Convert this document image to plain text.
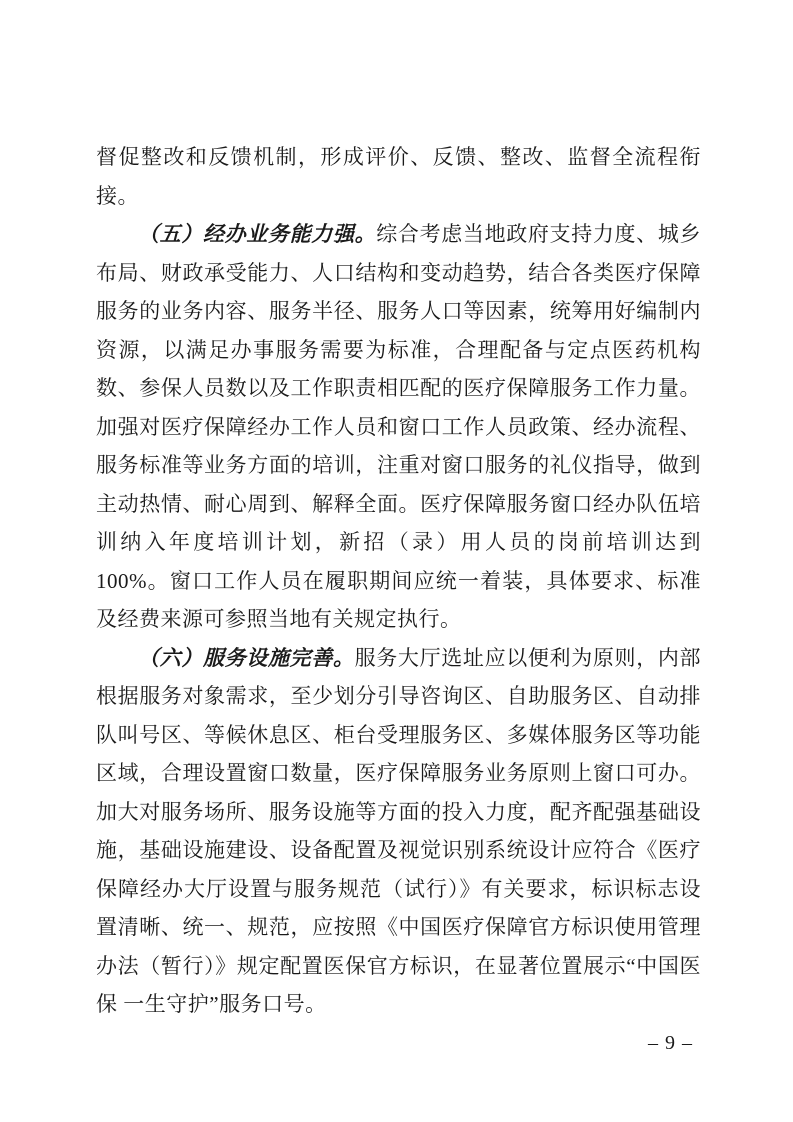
督促整改和反馈机制，形成评价、反馈、整改、监督全流程衔接。

（五）经办业务能力强。综合考虑当地政府支持力度、城乡布局、财政承受能力、人口结构和变动趋势，结合各类医疗保障服务的业务内容、服务半径、服务人口等因素，统筹用好编制内资源，以满足办事服务需要为标准，合理配备与定点医药机构数、参保人员数以及工作职责相匹配的医疗保障服务工作力量。加强对医疗保障经办工作人员和窗口工作人员政策、经办流程、服务标准等业务方面的培训，注重对窗口服务的礼仪指导，做到主动热情、耐心周到、解释全面。医疗保障服务窗口经办队伍培训纳入年度培训计划，新招（录）用人员的岗前培训达到 100%。窗口工作人员在履职期间应统一着装，具体要求、标准及经费来源可参照当地有关规定执行。

（六）服务设施完善。服务大厅选址应以便利为原则，内部根据服务对象需求，至少划分引导咨询区、自助服务区、自动排队叫号区、等候休息区、柜台受理服务区、多媒体服务区等功能区域，合理设置窗口数量，医疗保障服务业务原则上窗口可办。加大对服务场所、服务设施等方面的投入力度，配齐配强基础设施，基础设施建设、设备配置及视觉识别系统设计应符合《医疗保障经办大厅设置与服务规范（试行）》有关要求，标识标志设置清晰、统一、规范，应按照《中国医疗保障官方标识使用管理办法（暂行）》规定配置医保官方标识，在显著位置展示“中国医保 一生守护”服务口号。

– 9 –
